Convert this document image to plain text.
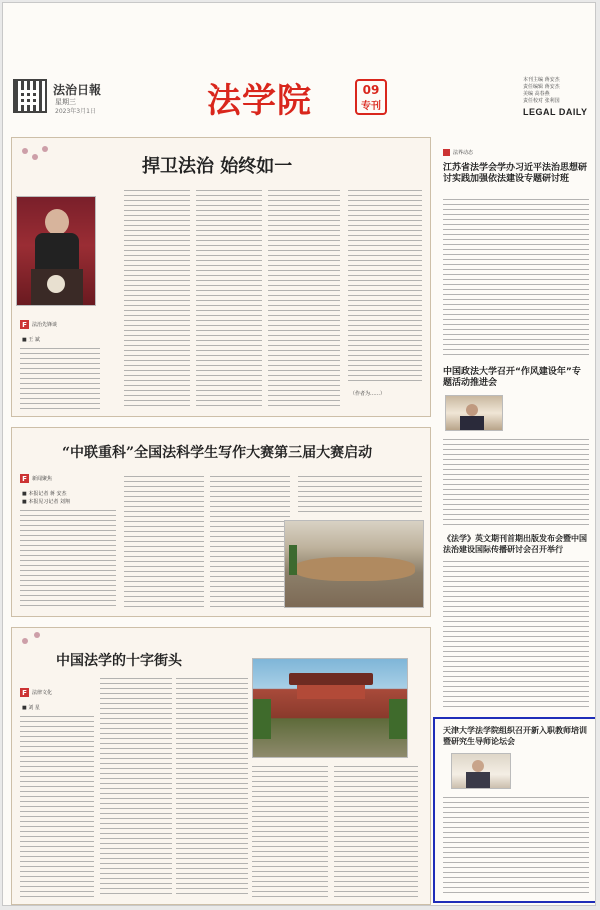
法治日報
星期三
2023年3月1日	法学院	09
专刊
本刊主编 蒋安杰
责任编辑 蒋安杰
美编 高春燕
责任校对 张利国
LEGAL DAILY
捍卫法治 始终如一
F	法治先锋谈
■ 王 斌 　　
（作者为……）
“中联重科”全国法科学生写作大赛第三届大赛启动
F	新闻聚焦
■ 本报记者 蒋 安杰
■ 本报见习记者 刘翔
中国法学的十字街头
F	法律文化
■ 刘 星
法界动态
江苏省法学会学办习近平法治思想研讨实践加强依法建设专题研讨班
中国政法大学召开“作风建设年”专题活动推进会
《法学》英文期刊首期出版发布会暨中国法治建设国际传播研讨会召开举行
天津大学法学院组织召开新入职教师培训暨研究生导师论坛会
